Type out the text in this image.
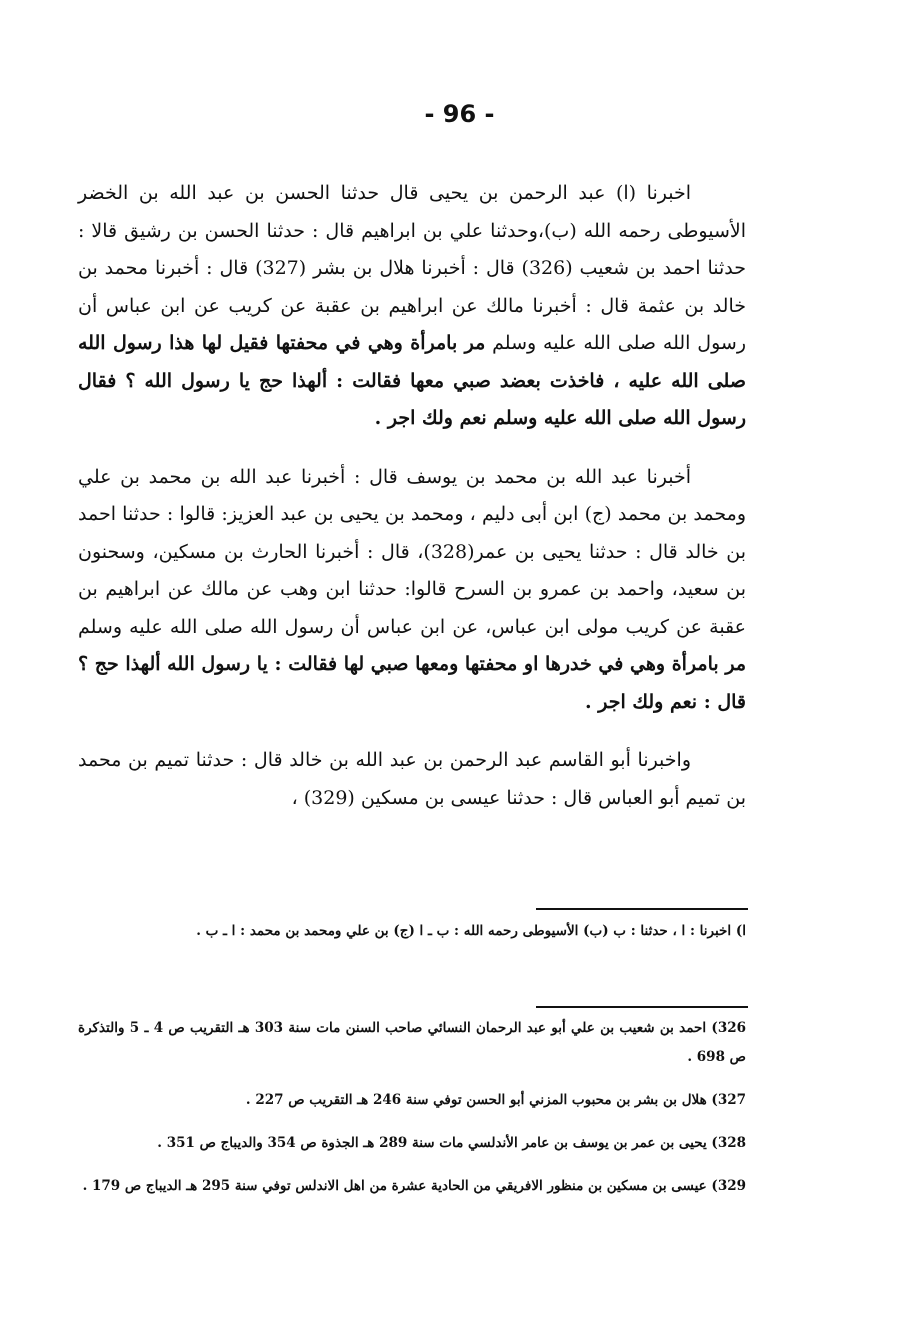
- 96 -

اخبرنا (ا) عبد الرحمن بن يحيى قال حدثنا الحسن بن عبد الله بن الخضر الأسيوطى رحمه الله (ب)،وحدثنا علي بن ابراهيم قال : حدثنا الحسن بن رشيق قالا : حدثنا احمد بن شعيب (326) قال : أخبرنا هلال بن بشر (327) قال : أخبرنا محمد بن خالد بن عثمة قال : أخبرنا مالك عن ابراهيم بن عقبة عن كريب عن ابن عباس أن رسول الله صلى الله عليه وسلم مر بامرأة وهي في محفتها فقيل لها هذا رسول الله صلى الله عليه ، فاخذت بعضد صبي معها فقالت : ألهذا حج يا رسول الله ؟ فقال رسول الله صلى الله عليه وسلم نعم ولك اجر .

أخبرنا عبد الله بن محمد بن يوسف قال : أخبرنا عبد الله بن محمد بن علي ومحمد بن محمد (ج) ابن أبى دليم ، ومحمد بن يحيى بن عبد العزيز: قالوا : حدثنا احمد بن خالد قال : حدثنا يحيى بن عمر(328)، قال : أخبرنا الحارث بن مسكين، وسحنون بن سعيد، واحمد بن عمرو بن السرح قالوا: حدثنا ابن وهب عن مالك عن ابراهيم بن عقبة عن كريب مولى ابن عباس، عن ابن عباس أن رسول الله صلى الله عليه وسلم مر بامرأة وهي في خدرها او محفتها ومعها صبي لها فقالت : يا رسول الله ألهذا حج ؟ قال : نعم ولك اجر .

واخبرنا أبو القاسم عبد الرحمن بن عبد الله بن خالد قال : حدثنا تميم بن محمد بن تميم أبو العباس قال : حدثنا عيسى بن مسكين (329) ،

ا) اخبرنا : ا ، حدثنا : ب (ب) الأسيوطى رحمه الله : ب ـ ا (ج) بن علي ومحمد بن محمد : ا ـ ب .

326) احمد بن شعيب بن علي أبو عبد الرحمان النسائي صاحب السنن مات سنة 303 هـ التقريب ص 4 ـ 5 والتذكرة ص 698 .

327) هلال بن بشر بن محبوب المزني أبو الحسن توفي سنة 246 هـ التقريب ص 227 .

328) يحيى بن عمر بن يوسف بن عامر الأندلسي مات سنة 289 هـ الجذوة ص 354 والديباج ص 351 .

329) عيسى بن مسكين بن منظور الافريقي من الحادية عشرة من اهل الاندلس توفي سنة 295 هـ الديباج ص 179 .
